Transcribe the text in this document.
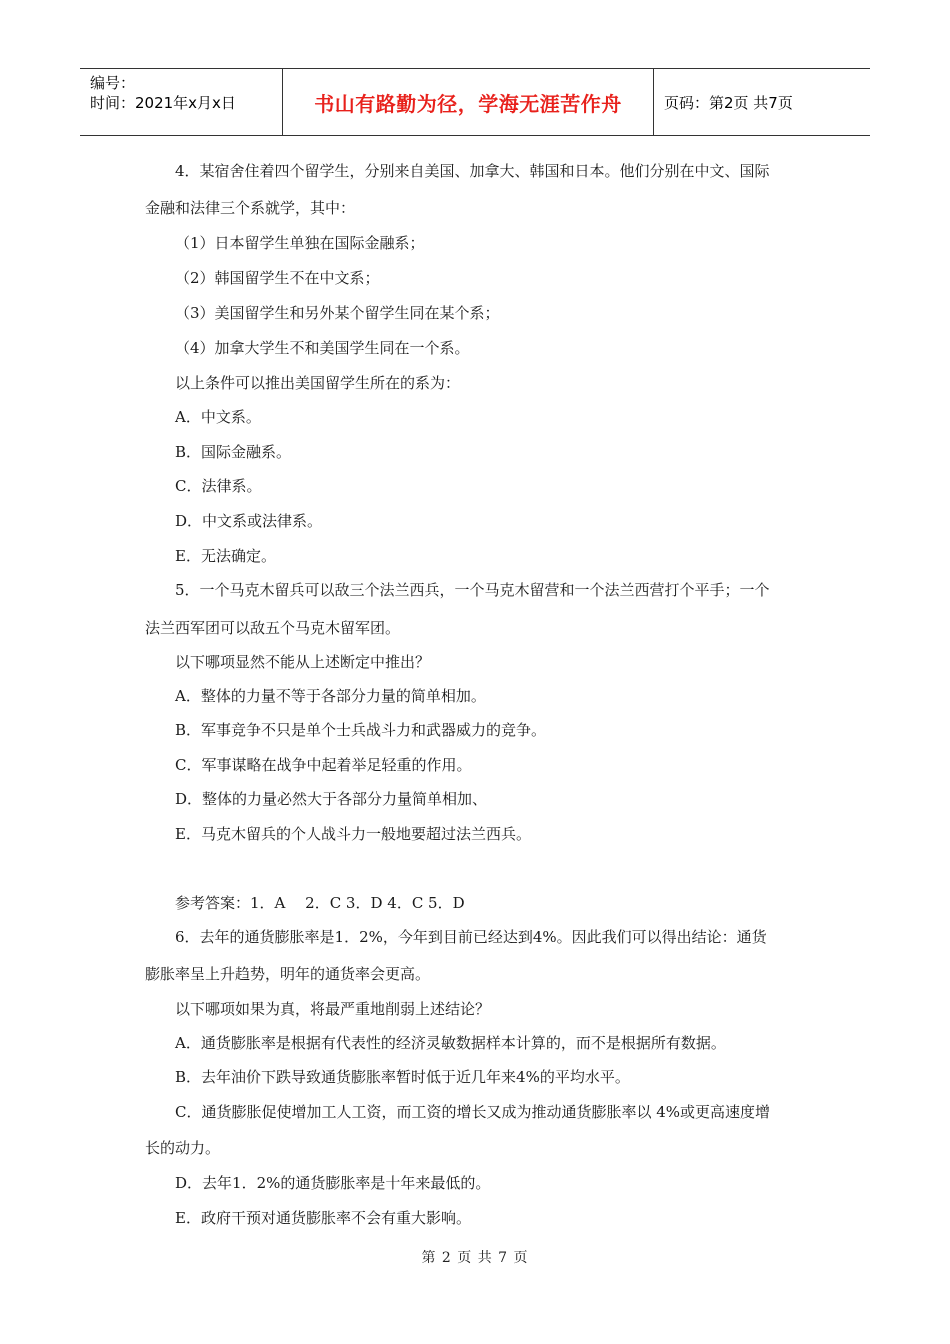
编号：
时间：2021年x月x日	书山有路勤为径，学海无涯苦作舟	页码：第2页 共7页
4．某宿舍住着四个留学生，分别来自美国、加拿大、韩国和日本。他们分别在中文、国际
金融和法律三个系就学，其中：
（1）日本留学生单独在国际金融系；
（2）韩国留学生不在中文系；
（3）美国留学生和另外某个留学生同在某个系；
（4）加拿大学生不和美国学生同在一个系。
以上条件可以推出美国留学生所在的系为：
A．中文系。
B．国际金融系。
C．法律系。
D．中文系或法律系。
E．无法确定。
5．一个马克木留兵可以敌三个法兰西兵，一个马克木留营和一个法兰西营打个平手；一个
法兰西军团可以敌五个马克木留军团。
以下哪项显然不能从上述断定中推出？
A．整体的力量不等于各部分力量的简单相加。
B．军事竞争不只是单个士兵战斗力和武器威力的竞争。
C．军事谋略在战争中起着举足轻重的作用。
D．整体的力量必然大于各部分力量简单相加、
E．马克木留兵的个人战斗力一般地要超过法兰西兵。
参考答案：1．A　 2．C 3．D 4．C 5．D
6．去年的通货膨胀率是1．2%，今年到目前已经达到4%。因此我们可以得出结论：通货
膨胀率呈上升趋势，明年的通货率会更高。
以下哪项如果为真，将最严重地削弱上述结论？
A．通货膨胀率是根据有代表性的经济灵敏数据样本计算的，而不是根据所有数据。
B．去年油价下跌导致通货膨胀率暂时低于近几年来4%的平均水平。
C．通货膨胀促使增加工人工资，而工资的增长又成为推动通货膨胀率以 4%或更高速度增
长的动力。
D．去年1．2%的通货膨胀率是十年来最低的。
E．政府干预对通货膨胀率不会有重大影响。
第 2 页 共 7 页
